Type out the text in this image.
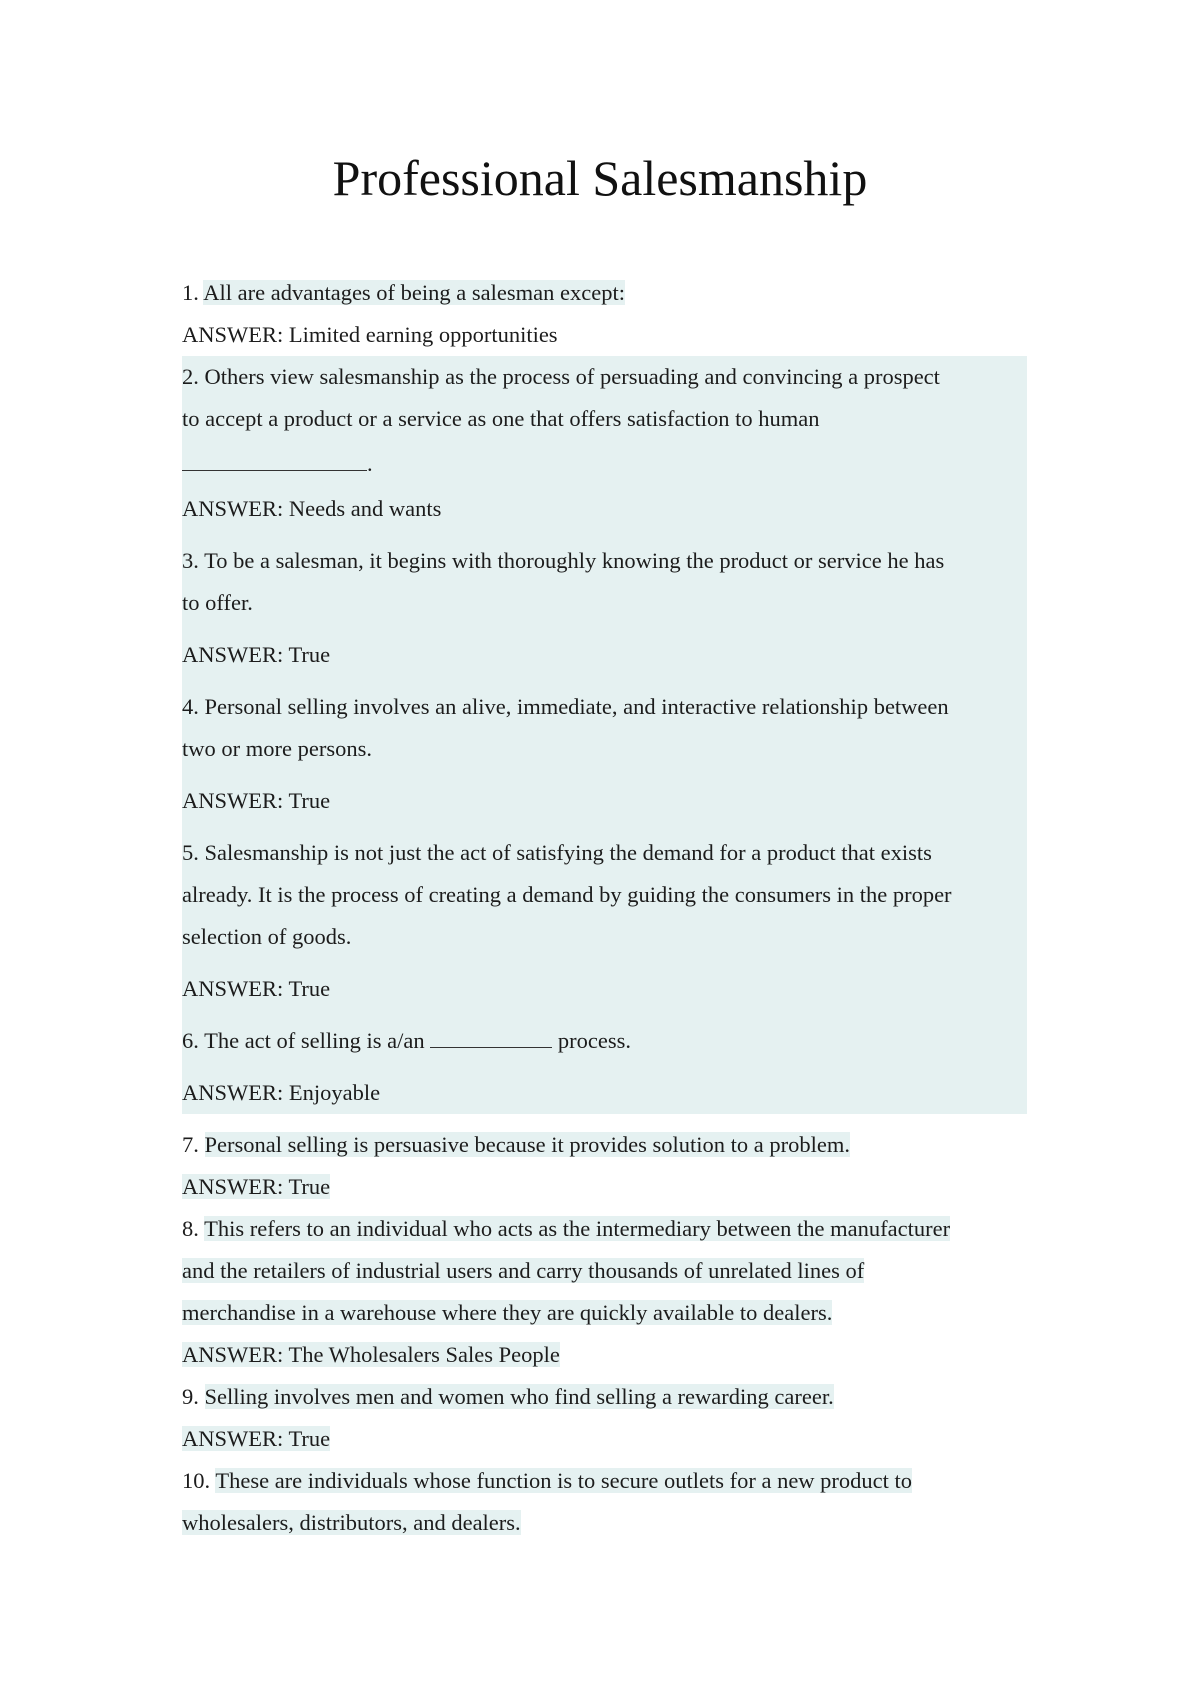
Professional Salesmanship
1. All are advantages of being a salesman except:
ANSWER: Limited earning opportunities
2. Others view salesmanship as the process of persuading and convincing a prospect
to accept a product or a service as one that offers satisfaction to human
.
ANSWER: Needs and wants
3. To be a salesman, it begins with thoroughly knowing the product or service he has
to offer.
ANSWER: True
4. Personal selling involves an alive, immediate, and interactive relationship between
two or more persons.
ANSWER: True
5. Salesmanship is not just the act of satisfying the demand for a product that exists
already. It is the process of creating a demand by guiding the consumers in the proper
selection of goods.
ANSWER: True
6. The act of selling is a/an	process.
ANSWER: Enjoyable
7. Personal selling is persuasive because it provides solution to a problem.
ANSWER: True
8. This refers to an individual who acts as the intermediary between the manufacturer
and the retailers of industrial users and carry thousands of unrelated lines of
merchandise in a warehouse where they are quickly available to dealers.
ANSWER: The Wholesalers Sales People
9. Selling involves men and women who find selling a rewarding career.
ANSWER: True
10. These are individuals whose function is to secure outlets for a new product to
wholesalers, distributors, and dealers.
